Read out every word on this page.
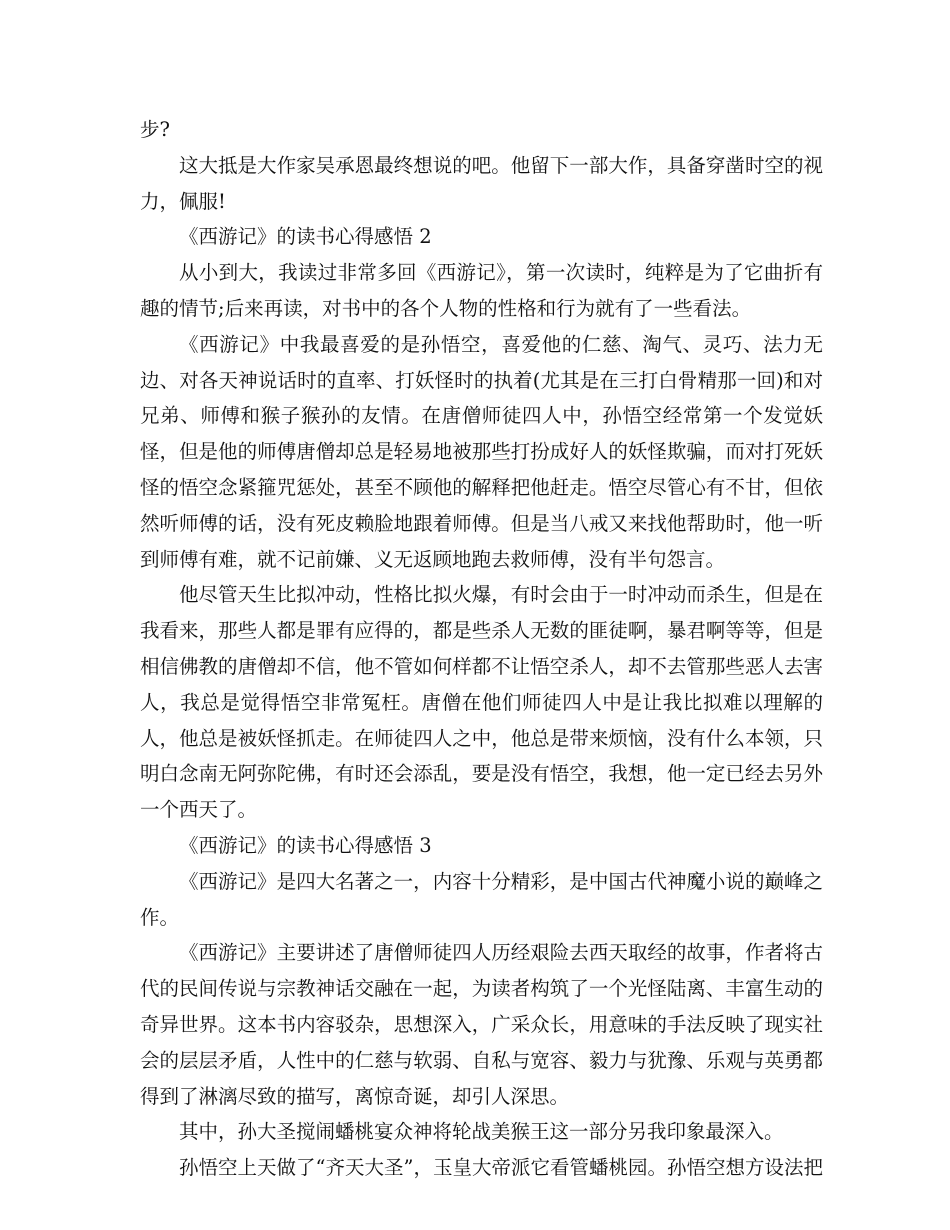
步?

这大抵是大作家吴承恩最终想说的吧。他留下一部大作，具备穿凿时空的视力，佩服!

《西游记》的读书心得感悟 2

从小到大，我读过非常多回《西游记》，第一次读时，纯粹是为了它曲折有趣的情节;后来再读，对书中的各个人物的性格和行为就有了一些看法。

《西游记》中我最喜爱的是孙悟空，喜爱他的仁慈、淘气、灵巧、法力无边、对各天神说话时的直率、打妖怪时的执着(尤其是在三打白骨精那一回)和对兄弟、师傅和猴子猴孙的友情。在唐僧师徒四人中，孙悟空经常第一个发觉妖怪，但是他的师傅唐僧却总是轻易地被那些打扮成好人的妖怪欺骗，而对打死妖怪的悟空念紧箍咒惩处，甚至不顾他的解释把他赶走。悟空尽管心有不甘，但依然听师傅的话，没有死皮赖脸地跟着师傅。但是当八戒又来找他帮助时，他一听到师傅有难，就不记前嫌、义无返顾地跑去救师傅，没有半句怨言。

他尽管天生比拟冲动，性格比拟火爆，有时会由于一时冲动而杀生，但是在我看来，那些人都是罪有应得的，都是些杀人无数的匪徒啊，暴君啊等等，但是相信佛教的唐僧却不信，他不管如何样都不让悟空杀人，却不去管那些恶人去害人，我总是觉得悟空非常冤枉。唐僧在他们师徒四人中是让我比拟难以理解的人，他总是被妖怪抓走。在师徒四人之中，他总是带来烦恼，没有什么本领，只明白念南无阿弥陀佛，有时还会添乱，要是没有悟空，我想，他一定已经去另外一个西天了。

《西游记》的读书心得感悟 3

《西游记》是四大名著之一，内容十分精彩，是中国古代神魔小说的巅峰之作。

《西游记》主要讲述了唐僧师徒四人历经艰险去西天取经的故事，作者将古代的民间传说与宗教神话交融在一起，为读者构筑了一个光怪陆离、丰富生动的奇异世界。这本书内容驳杂，思想深入，广采众长，用意味的手法反映了现实社会的层层矛盾，人性中的仁慈与软弱、自私与宽容、毅力与犹豫、乐观与英勇都得到了淋漓尽致的描写，离惊奇诞，却引人深思。

其中，孙大圣搅闹蟠桃宴众神将轮战美猴王这一部分另我印象最深入。

孙悟空上天做了“齐天大圣”，玉皇大帝派它看管蟠桃园。孙悟空想方设法把
